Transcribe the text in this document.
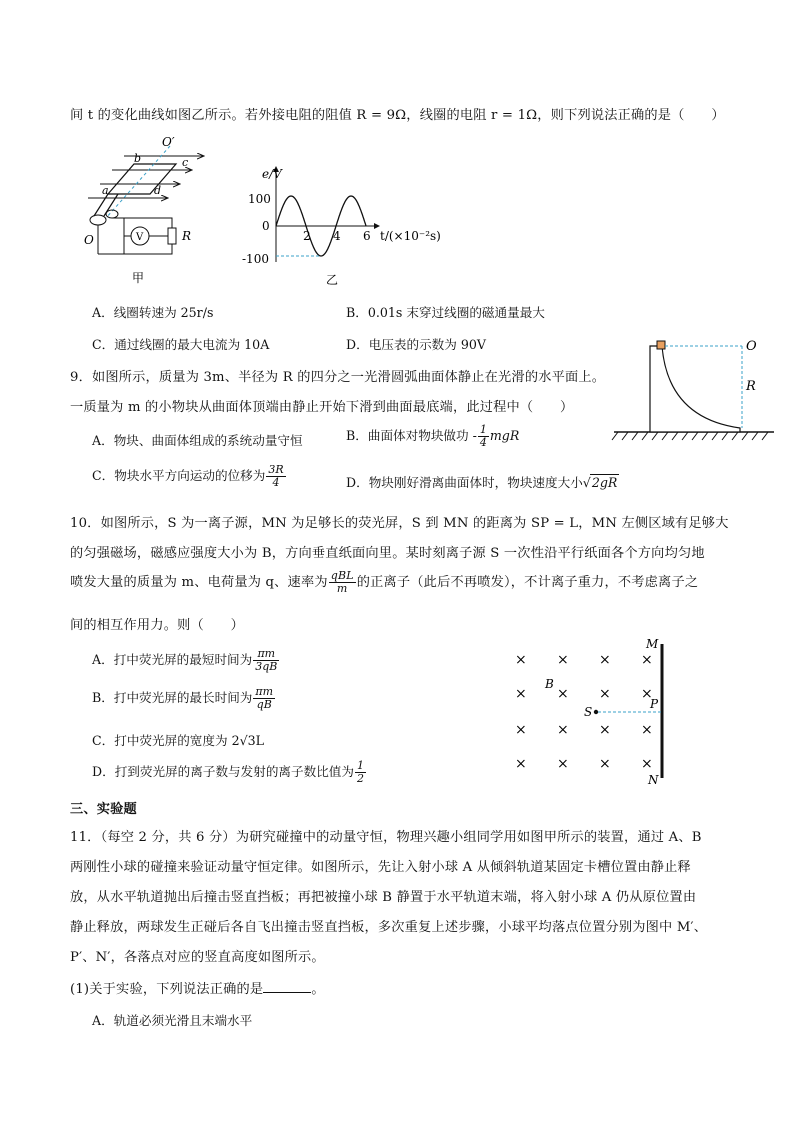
间 t 的变化曲线如图乙所示。若外接电阻的阻值 R = 9Ω，线圈的电阻 r = 1Ω，则下列说法正确的是（　　）
V	R
O′
O
b	c
a	d
甲
e/V
t/(×10⁻²s)
100
0
-100
2 4 6
乙
A．线圈转速为 25r/s	B．0.01s 末穿过线圈的磁通量最大
C．通过线圈的最大电流为 10A	D．电压表的示数为 90V
9．如图所示，质量为 3m、半径为 R 的四分之一光滑圆弧曲面体静止在光滑的水平面上。
一质量为 m 的小物块从曲面体顶端由静止开始下滑到曲面最底端，此过程中（　　）
A．物块、曲面体组成的系统动量守恒	B．曲面体对物块做功 - $\frac{1}{4}$ mgR
C．物块水平方向运动的位移为 $\frac{3R}{4}$	D．物块刚好滑离曲面体时，物块速度大小√2gR
O
R
10．如图所示，S 为一离子源，MN 为足够长的荧光屏，S 到 MN 的距离为 SP = L，MN 左侧区域有足够大
的匀强磁场，磁感应强度大小为 B，方向垂直纸面向里。某时刻离子源 S 一次性沿平行纸面各个方向均匀地
喷发大量的质量为 m、电荷量为 q、速率为 $\frac{\text{qBL}}{m}$ 的正离子（此后不再喷发），不计离子重力，不考虑离子之
间的相互作用力。则（　　）
A．打中荧光屏的最短时间为 $\frac{\pi m}{3qB}$
B．打中荧光屏的最长时间为 $\frac{\pi m}{qB}$
C．打中荧光屏的宽度为 2√3L
D．打到荧光屏的离子数与发射的离子数比值为 $\frac{1}{2}$
× × × ×
× ×	×
× × × ×
× × × ×
×
S
P
M
N
B
三、实验题
11．（每空 2 分，共 6 分）为研究碰撞中的动量守恒，物理兴趣小组同学用如图甲所示的装置，通过 A、B
两刚性小球的碰撞来验证动量守恒定律。如图所示，先让入射小球 A 从倾斜轨道某固定卡槽位置由静止释
放，从水平轨道抛出后撞击竖直挡板；再把被撞小球 B 静置于水平轨道末端，将入射小球 A 仍从原位置由
静止释放，两球发生正碰后各自飞出撞击竖直挡板，多次重复上述步骤，小球平均落点位置分别为图中 M′、
P′、N′，各落点对应的竖直高度如图所示。
(1)关于实验，下列说法正确的是	。
A．轨道必须光滑且末端水平
